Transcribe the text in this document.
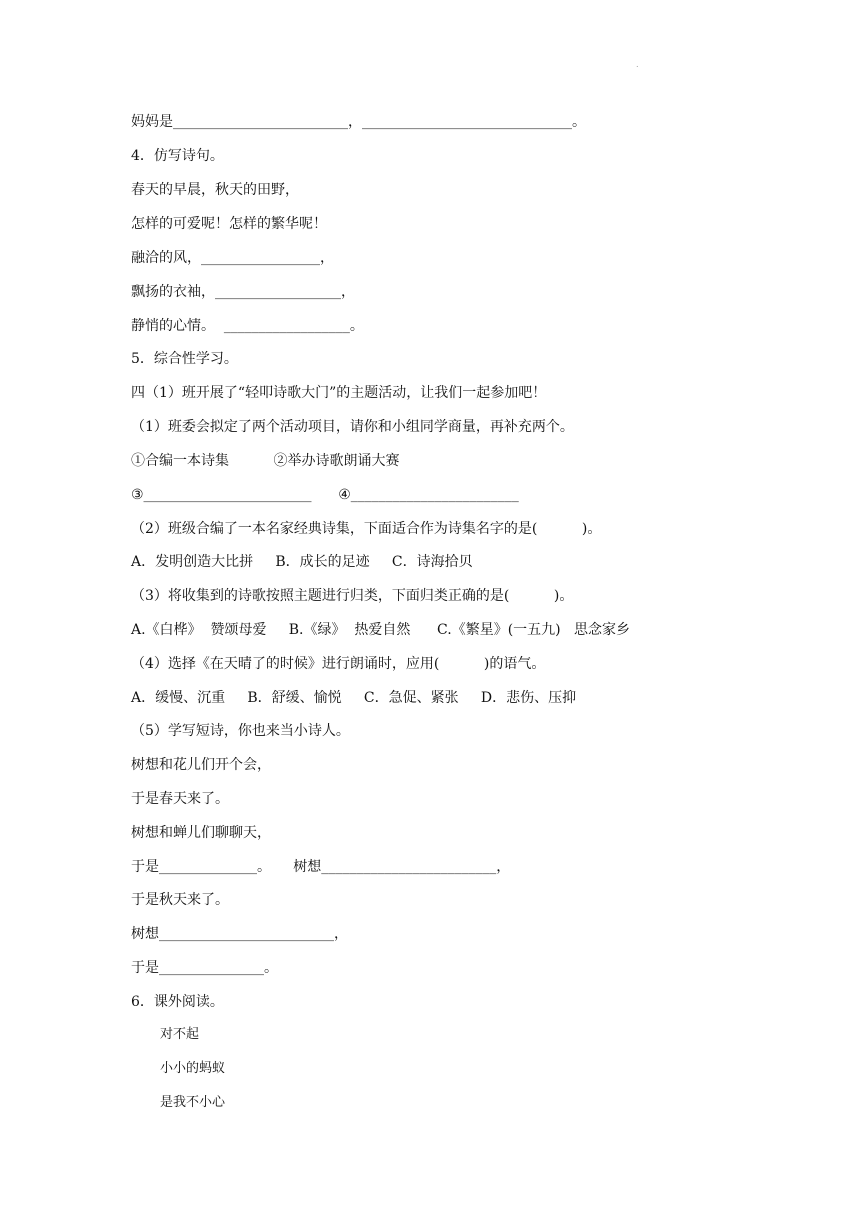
.
妈妈是_________________________，______________________________。
4．仿写诗句。
春天的早晨，秋天的田野，
怎样的可爱呢！怎样的繁华呢！
融洽的风，_________________，
飘扬的衣袖，__________________，
静悄的心情。  __________________。
5．综合性学习。
四（1）班开展了“轻叩诗歌大门”的主题活动，让我们一起参加吧！
（1）班委会拟定了两个活动项目，请你和小组同学商量，再补充两个。
①合编一本诗集          ②举办诗歌朗诵大赛
③________________________      ④________________________
（2）班级合编了一本名家经典诗集，下面适合作为诗集名字的是(          )。
A．发明创造大比拼     B．成长的足迹     C．诗海拾贝
（3）将收集到的诗歌按照主题进行归类，下面归类正确的是(          )。
A.《白桦》  赞颂母爱     B.《绿》  热爱自然      C.《繁星》(一五九)   思念家乡
（4）选择《在天晴了的时候》进行朗诵时，应用(          )的语气。
A．缓慢、沉重     B．舒缓、愉悦     C．急促、紧张     D．悲伤、压抑
（5）学写短诗，你也来当小诗人。
树想和花儿们开个会，
于是春天来了。
树想和蝉儿们聊聊天，
于是______________。     树想_________________________，
于是秋天来了。
树想_________________________，
于是_______________。
6．课外阅读。
对不起
小小的蚂蚁
是我不小心
